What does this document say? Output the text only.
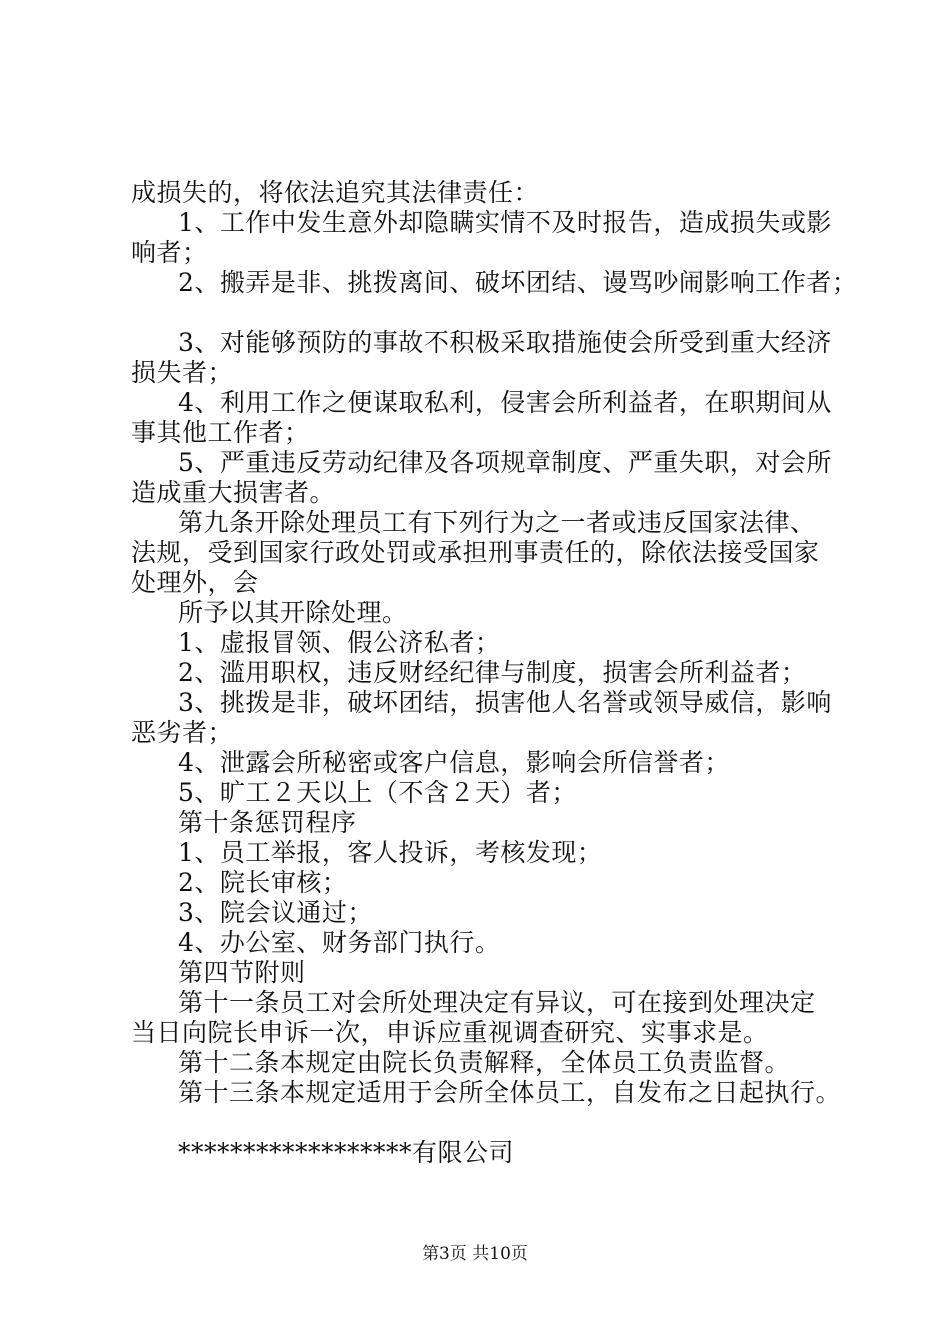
成损失的，将依法追究其法律责任：
1、工作中发生意外却隐瞒实情不及时报告，造成损失或影
响者；
2、搬弄是非、挑拨离间、破坏团结、谩骂吵闹影响工作者；
3、对能够预防的事故不积极采取措施使会所受到重大经济
损失者；
4、利用工作之便谋取私利，侵害会所利益者，在职期间从
事其他工作者；
5、严重违反劳动纪律及各项规章制度、严重失职，对会所
造成重大损害者。
第九条开除处理员工有下列行为之一者或违反国家法律、
法规，受到国家行政处罚或承担刑事责任的，除依法接受国家
处理外，会
所予以其开除处理。
1、虚报冒领、假公济私者；
2、滥用职权，违反财经纪律与制度，损害会所利益者；
3、挑拨是非，破坏团结，损害他人名誉或领导威信，影响
恶劣者；
4、泄露会所秘密或客户信息，影响会所信誉者；
5、旷工２天以上（不含２天）者；
第十条惩罚程序
1、员工举报，客人投诉，考核发现；
2、院长审核；
3、院会议通过；
4、办公室、财务部门执行。
第四节附则
第十一条员工对会所处理决定有异议，可在接到处理决定
当日向院长申诉一次，申诉应重视调查研究、实事求是。
第十二条本规定由院长负责解释，全体员工负责监督。
第十三条本规定适用于会所全体员工，自发布之日起执行。
******************有限公司
第3页 共10页
